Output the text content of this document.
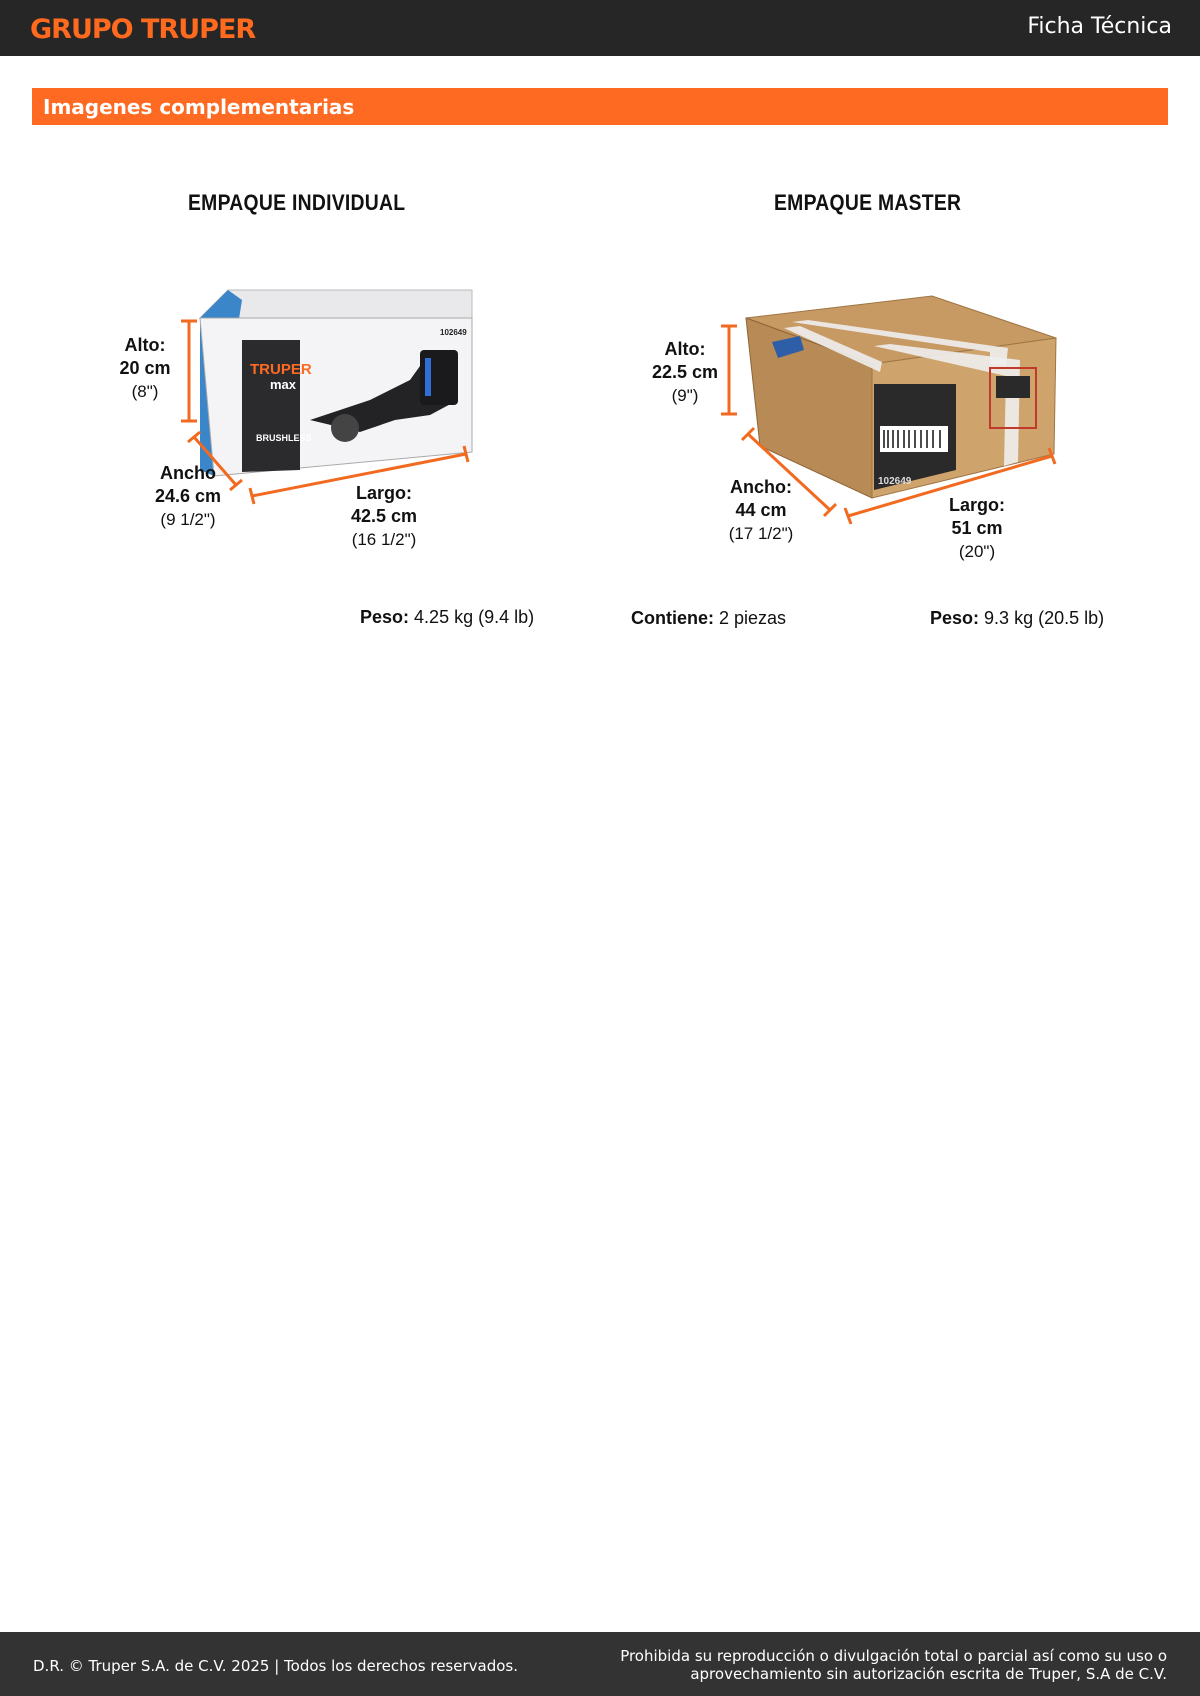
GRUPO TRUPER	Ficha Técnica
Imagenes complementarias
EMPAQUE INDIVIDUAL	EMPAQUE MASTER
TRUPER
max
BRUSHLESS
102649
102649
Alto:
20 cm
(8")
Ancho
24.6 cm
(9 1/2")
Largo:
42.5 cm
(16 1/2")
Alto:
22.5 cm
(9")
Ancho:
44 cm
(17 1/2")
Largo:
51 cm
(20")
Peso: 4.25 kg (9.4 lb)	Contiene: 2 piezas	Peso: 9.3 kg (20.5 lb)
D.R. © Truper S.A. de C.V. 2025 | Todos los derechos reservados.
Prohibida su reproducción o divulgación total o parcial así como su uso o
aprovechamiento sin autorización escrita de Truper, S.A de C.V.
